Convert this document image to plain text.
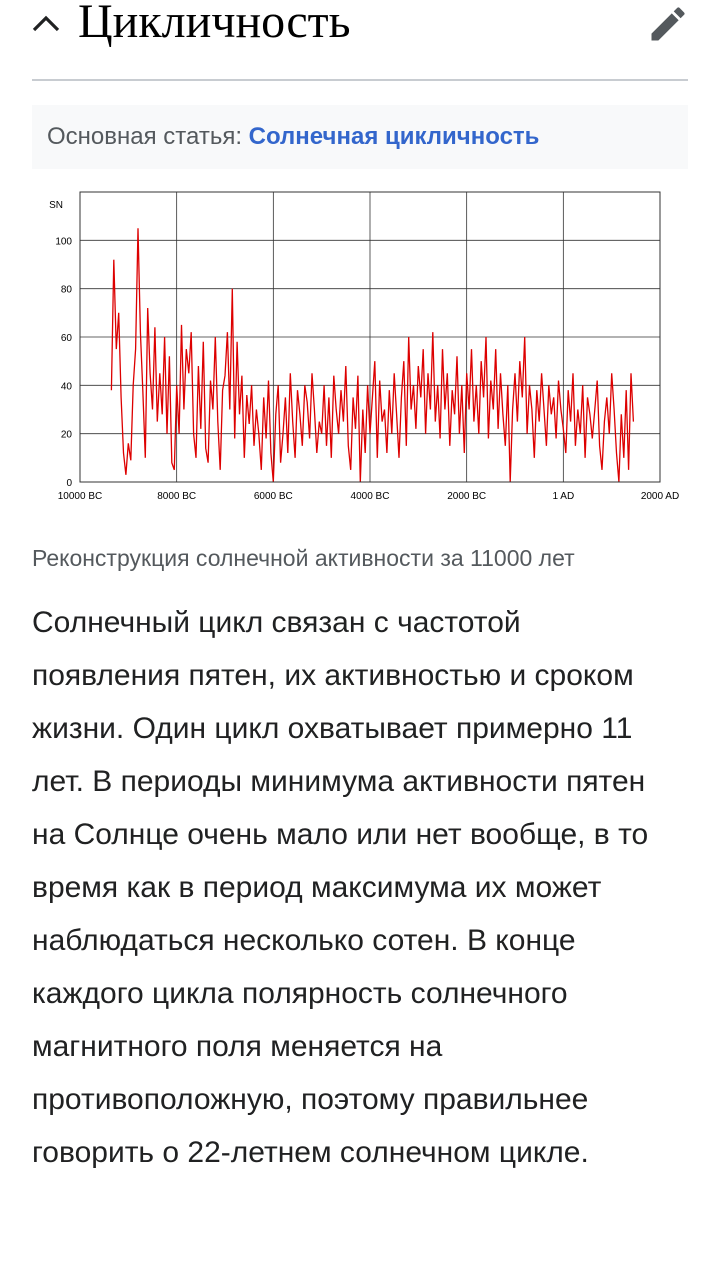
Цикличность
Основная статья: Солнечная цикличность
SN
0
20
40
60
80
100
10000 BC	8000 BC	6000 BC	4000 BC	2000 BC	1 AD	2000 AD

Реконструкция солнечной активности за 11000 лет

Солнечный цикл связан с частотой появления пятен, их активностью и сроком жизни. Один цикл охватывает примерно 11 лет. В периоды минимума активности пятен на Солнце очень мало или нет вообще, в то время как в период максимума их может наблюдаться несколько сотен. В конце каждого цикла полярность солнечного магнитного поля меняется на противоположную, поэтому правильнее говорить о 22-летнем солнечном цикле.
